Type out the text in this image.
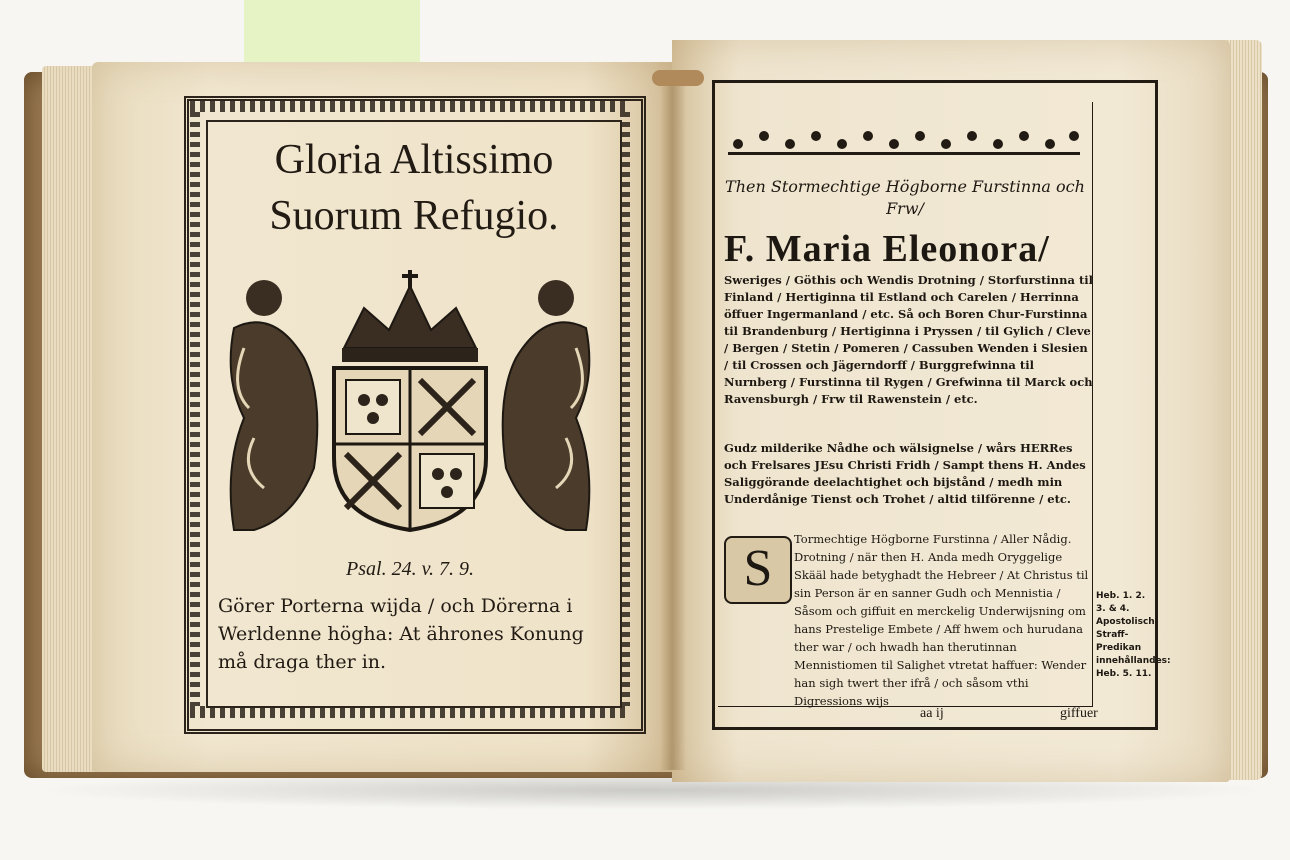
Gloria Altissimo Suorum Refugio.
Psal. 24. v. 7. 9.
Görer Porterna wijda / och Dörerna i Werldenne högha: At ährones Konung må draga ther in.
Then Stormechtige Högborne Furstinna och Frw/
F. Maria Eleonora/
Sweriges / Göthis och Wendis Drotning / Storfurstinna til Finland / Hertiginna til Estland och Carelen / Herrinna öffuer Ingermanland / etc. Så och Boren Chur-Furstinna til Brandenburg / Hertiginna i Pryssen / til Gylich / Cleve / Bergen / Stetin / Pomeren / Cassuben Wenden i Slesien / til Crossen och Jägerndorff / Burggrefwinna til Nurnberg / Furstinna til Rygen / Grefwinna til Marck och Ravensburgh / Frw til Rawenstein / etc.
Gudz milderike Nådhe och wälsignelse / wårs HERRes och Frelsares JEsu Christi Fridh / Sampt thens H. Andes Saliggörande deelachtighet och bijstånd / medh min Underdånige Tienst och Trohet / altid tilförenne / etc.
S
Tormechtige Högborne Furstinna / Aller Nådig. Drotning / när then H. Anda medh Oryggelige Skääl hade betyghadt the Hebreer / At Christus til sin Person är en sanner Gudh och Mennistia / Såsom och giffuit en merckelig Underwijsning om hans Prestelige Embete / Aff hwem och hurudana ther war / och hwadh han therutinnan Mennistiomen til Salighet vtretat haffuer: Wender han sigh twert ther ifrå / och såsom vthi Digressions wijs
Heb. 1. 2. 3. & 4. Apostolisch Straff-Predikan innehållandes: Heb. 5. 11.
aa ij	giffuer
